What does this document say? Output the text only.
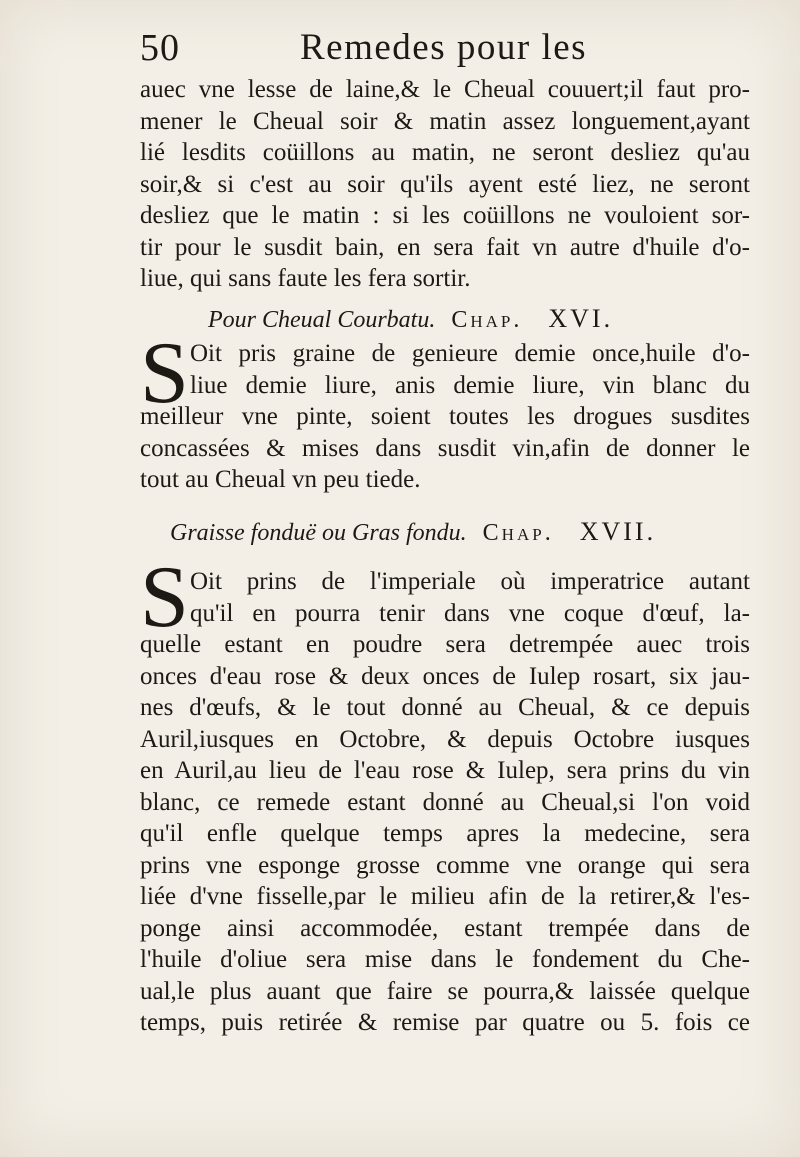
50	Remedes pour les
auec vne lesse de laine,& le Cheual couuert;il faut pro-
mener le Cheual soir & matin assez longuement,ayant
lié lesdits coüillons au matin, ne seront desliez qu'au
soir,& si c'est au soir qu'ils ayent esté liez, ne seront
desliez que le matin : si les coüillons ne vouloient sor-
tir pour le susdit bain, en sera fait vn autre d'huile d'o-
liue, qui sans faute les fera sortir.
Pour Cheual Courbatu. Chap. XVI.
S Oit pris graine de genieure demie once,huile d'o-
liue demie liure, anis demie liure, vin blanc du
meilleur vne pinte, soient toutes les drogues susdites
concassées & mises dans susdit vin,afin de donner le
tout au Cheual vn peu tiede.
Graisse fonduë ou Gras fondu. Chap. XVII.
S Oit prins de l'imperiale où imperatrice autant
qu'il en pourra tenir dans vne coque d'œuf, la-
quelle estant en poudre sera detrempée auec trois
onces d'eau rose & deux onces de Iulep rosart, six jau-
nes d'œufs, & le tout donné au Cheual, & ce depuis
Auril,iusques en Octobre, & depuis Octobre iusques
en Auril,au lieu de l'eau rose & Iulep, sera prins du vin
blanc, ce remede estant donné au Cheual,si l'on void
qu'il enfle quelque temps apres la medecine, sera
prins vne esponge grosse comme vne orange qui sera
liée d'vne fisselle,par le milieu afin de la retirer,& l'es-
ponge ainsi accommodée, estant trempée dans de
l'huile d'oliue sera mise dans le fondement du Che-
ual,le plus auant que faire se pourra,& laissée quelque
temps, puis retirée & remise par quatre ou 5. fois ce
